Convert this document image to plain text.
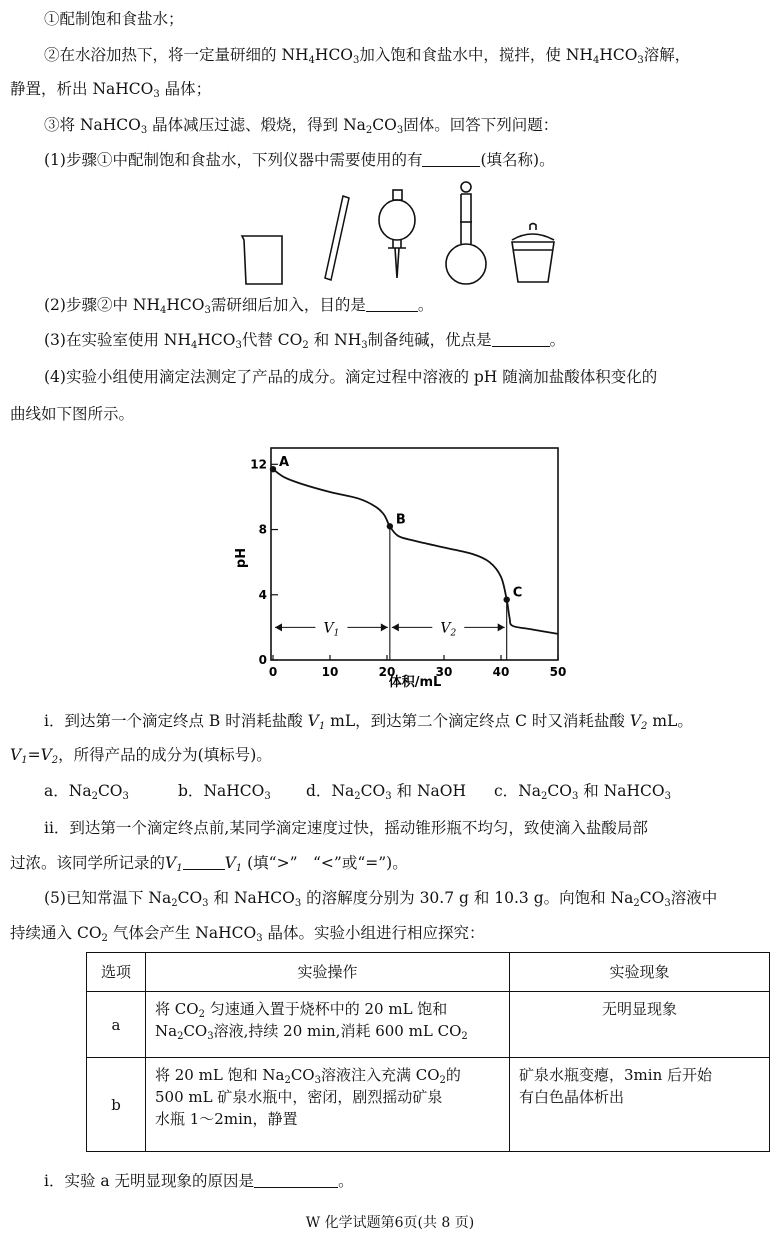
①配制饱和食盐水；
②在水浴加热下，将一定量研细的 $NH_4HCO_3$加入饱和食盐水中，搅拌，使 $NH_4HCO_3$溶解，
静置，析出 NaHCO$_3$ 晶体；
③将 NaHCO$_3$ 晶体减压过滤、煅烧，得到 $Na_2CO_3$固体。回答下列问题：
(1)步骤①中配制饱和食盐水，下列仪器中需要使用的有	(填名称)。
(2)步骤②中 $NH_4HCO_3$需研细后加入，目的是	。
(3)在实验室使用 $NH_4HCO_3$代替 $CO_2$ 和 $NH_3$制备纯碱，优点是	。
(4)实验小组使用滴定法测定了产品的成分。滴定过程中溶液的 pH 随滴加盐酸体积变化的
曲线如下图所示。
0	10	20	30	40	50
0
4
8
12
$V_1$	$V_2$
A
B
C
pH
体积/mL
i．到达第一个滴定终点 B 时消耗盐酸 $V_1$ mL，到达第二个滴定终点 C 时又消耗盐酸 $V_2$ mL。
$V_1=V_2$，所得产品的成分为(填标号)。
a．$Na_2CO_3$	b．NaHCO$_3$ d．$Na_2CO_3$ 和 NaOH c．$Na_2CO_3$ 和 NaHCO$_3$
ii．到达第一个滴定终点前,某同学滴定速度过快，摇动锥形瓶不均匀，致使滴入盐酸局部
过浓。该同学所记录的$V_1$	$V_1$ (填“>”　“<”或“=”)。
(5)已知常温下 $Na_2CO_3$ 和 NaHCO$_3$ 的溶解度分别为 30.7 g 和 10.3 g。向饱和 $Na_2CO_3$溶液中
持续通入 $CO_2$ 气体会产生 NaHCO$_3$ 晶体。实验小组进行相应探究：
选项	实验操作	实验现象
a	将 $CO_2$ 匀速通入置于烧杯中的 20 mL 饱和
$Na_2CO_3$溶液,持续 20 min,消耗 600 mL $CO_2$	无明显现象
b	将 20 mL 饱和 $Na_2CO_3$溶液注入充满 $CO_2$的
500 mL 矿泉水瓶中，密闭，剧烈摇动矿泉
水瓶 1～2min，静置	矿泉水瓶变瘪，3min 后开始
有白色晶体析出
i．实验 a 无明显现象的原因是	。
W 化学试题第6页(共 8 页)
